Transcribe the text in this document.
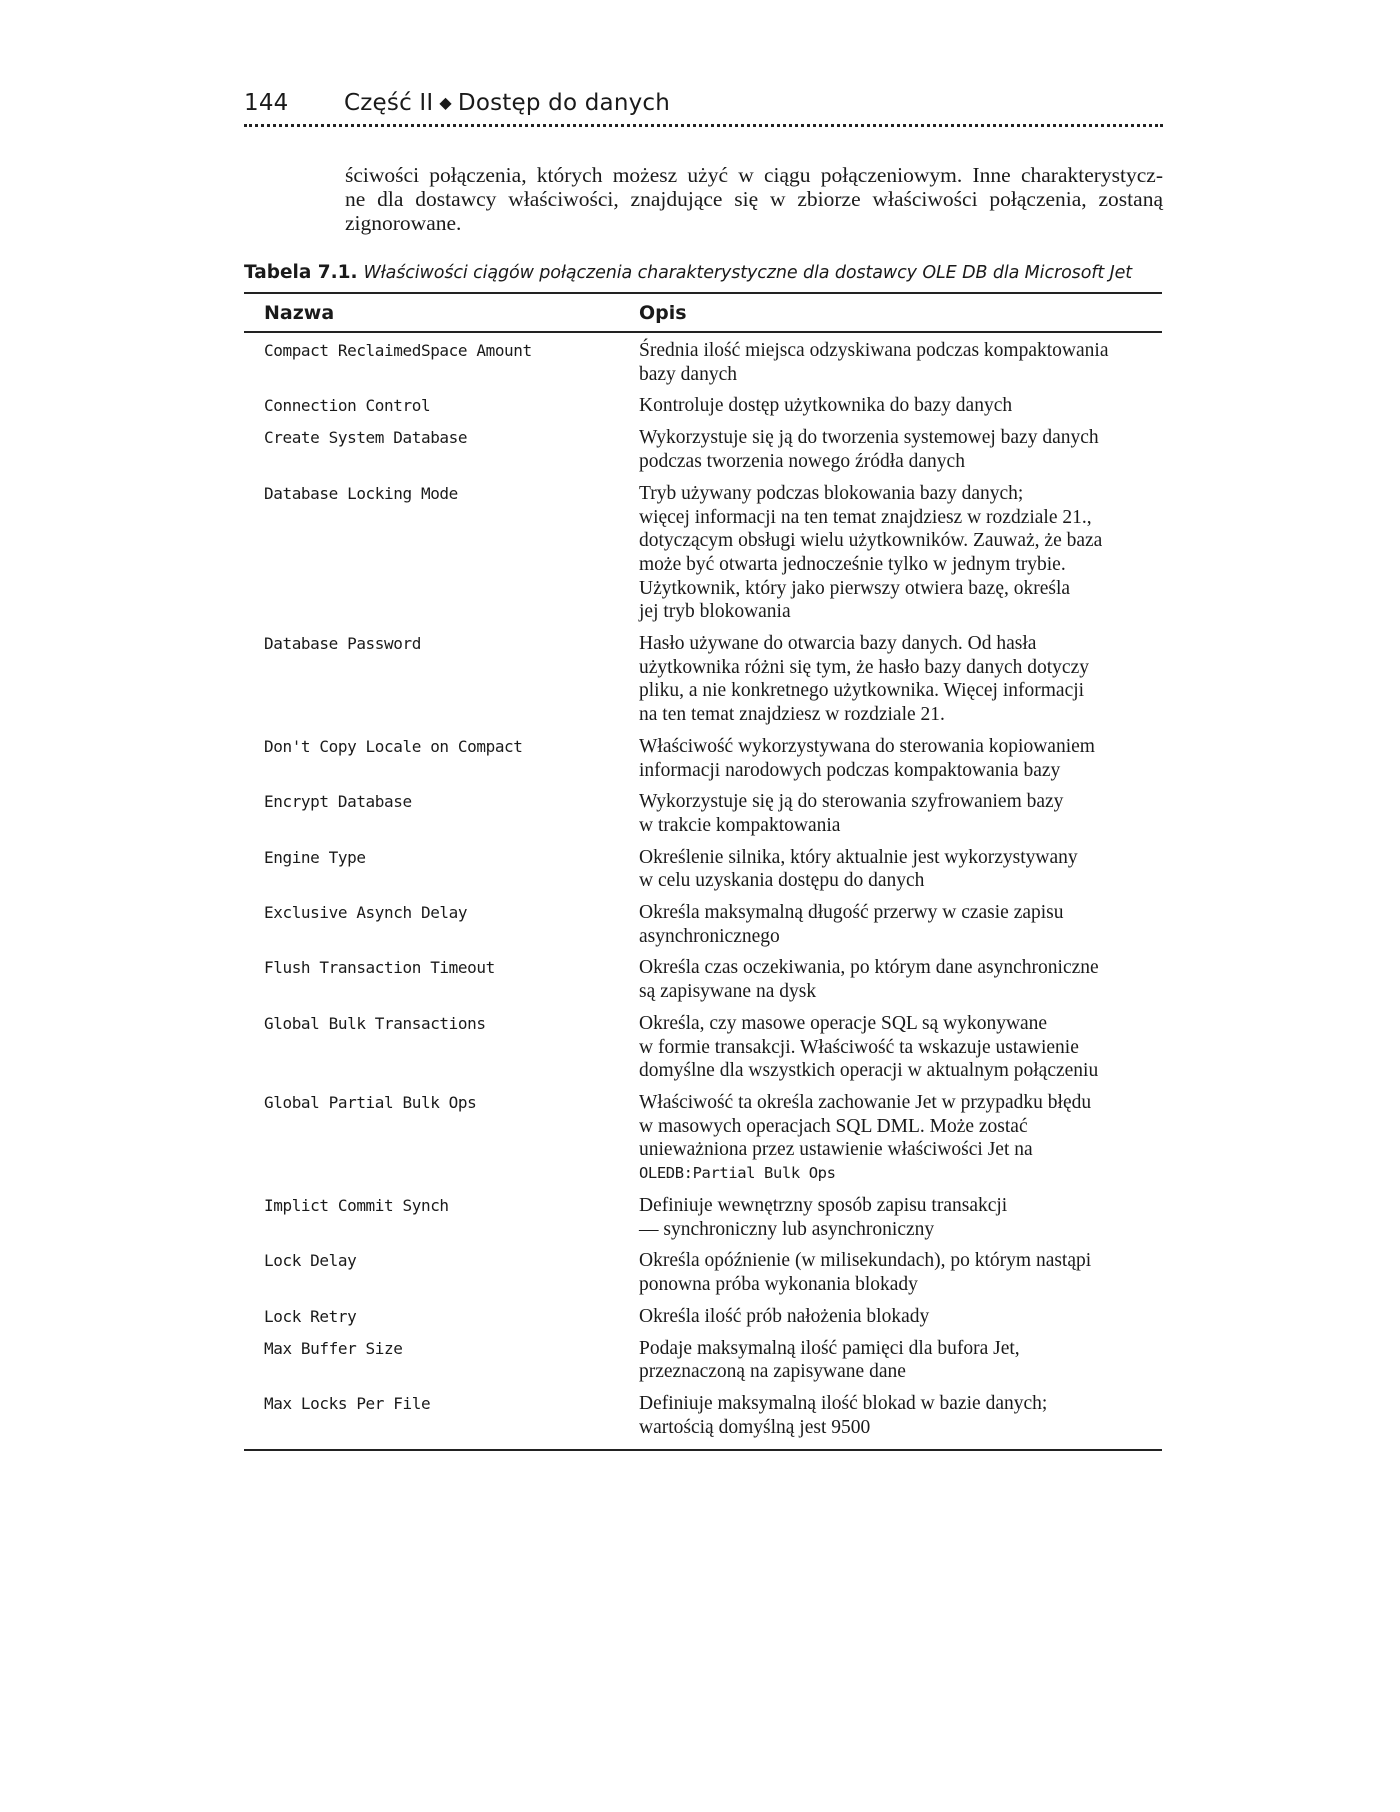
144 Część II ◆ Dostęp do danych
ściwości połączenia, których możesz użyć w ciągu połączeniowym. Inne charakterystycz-
ne dla dostawcy właściwości, znajdujące się w zbiorze właściwości połączenia, zostaną
zignorowane.
Tabela 7.1. Właściwości ciągów połączenia charakterystyczne dla dostawcy OLE DB dla Microsoft Jet
Nazwa	Opis
Compact ReclaimedSpace Amount	Średnia ilość miejsca odzyskiwana podczas kompaktowania
bazy danych
Connection Control	Kontroluje dostęp użytkownika do bazy danych
Create System Database	Wykorzystuje się ją do tworzenia systemowej bazy danych
podczas tworzenia nowego źródła danych
Database Locking Mode	Tryb używany podczas blokowania bazy danych;
więcej informacji na ten temat znajdziesz w rozdziale 21.,
dotyczącym obsługi wielu użytkowników. Zauważ, że baza
może być otwarta jednocześnie tylko w jednym trybie.
Użytkownik, który jako pierwszy otwiera bazę, określa
jej tryb blokowania
Database Password	Hasło używane do otwarcia bazy danych. Od hasła
użytkownika różni się tym, że hasło bazy danych dotyczy
pliku, a nie konkretnego użytkownika. Więcej informacji
na ten temat znajdziesz w rozdziale 21.
Don't Copy Locale on Compact	Właściwość wykorzystywana do sterowania kopiowaniem
informacji narodowych podczas kompaktowania bazy
Encrypt Database	Wykorzystuje się ją do sterowania szyfrowaniem bazy
w trakcie kompaktowania
Engine Type	Określenie silnika, który aktualnie jest wykorzystywany
w celu uzyskania dostępu do danych
Exclusive Asynch Delay	Określa maksymalną długość przerwy w czasie zapisu
asynchronicznego
Flush Transaction Timeout	Określa czas oczekiwania, po którym dane asynchroniczne
są zapisywane na dysk
Global Bulk Transactions	Określa, czy masowe operacje SQL są wykonywane
w formie transakcji. Właściwość ta wskazuje ustawienie
domyślne dla wszystkich operacji w aktualnym połączeniu
Global Partial Bulk Ops	Właściwość ta określa zachowanie Jet w przypadku błędu
w masowych operacjach SQL DML. Może zostać
unieważniona przez ustawienie właściwości Jet na
OLEDB:Partial Bulk Ops
Implict Commit Synch	Definiuje wewnętrzny sposób zapisu transakcji
— synchroniczny lub asynchroniczny
Lock Delay	Określa opóźnienie (w milisekundach), po którym nastąpi
ponowna próba wykonania blokady
Lock Retry	Określa ilość prób nałożenia blokady
Max Buffer Size	Podaje maksymalną ilość pamięci dla bufora Jet,
przeznaczoną na zapisywane dane
Max Locks Per File	Definiuje maksymalną ilość blokad w bazie danych;
wartością domyślną jest 9500
